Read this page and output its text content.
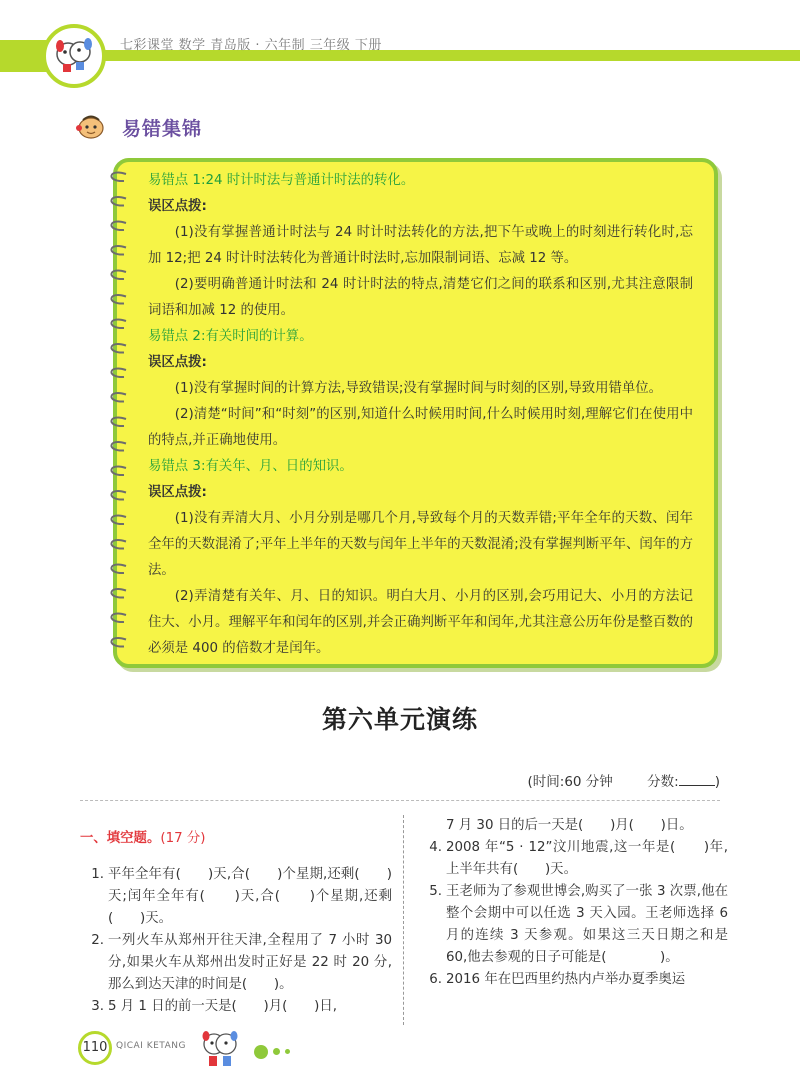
七彩课堂 数学 青岛版 · 六年制 三年级 下册
易错集锦

易错点 1:24 时计时法与普通计时法的转化。

误区点拨:

(1)没有掌握普通计时法与 24 时计时法转化的方法,把下午或晚上的时刻进行转化时,忘加 12;把 24 时计时法转化为普通计时法时,忘加限制词语、忘减 12 等。

(2)要明确普通计时法和 24 时计时法的特点,清楚它们之间的联系和区别,尤其注意限制词语和加减 12 的使用。

易错点 2:有关时间的计算。

误区点拨:

(1)没有掌握时间的计算方法,导致错误;没有掌握时间与时刻的区别,导致用错单位。

(2)清楚“时间”和“时刻”的区别,知道什么时候用时间,什么时候用时刻,理解它们在使用中的特点,并正确地使用。

易错点 3:有关年、月、日的知识。

误区点拨:

(1)没有弄清大月、小月分别是哪几个月,导致每个月的天数弄错;平年全年的天数、闰年全年的天数混淆了;平年上半年的天数与闰年上半年的天数混淆;没有掌握判断平年、闰年的方法。

(2)弄清楚有关年、月、日的知识。明白大月、小月的区别,会巧用记大、小月的方法记住大、小月。理解平年和闰年的区别,并会正确判断平年和闰年,尤其注意公历年份是整百数的必须是 400 的倍数才是闰年。

第六单元演练
(时间:60 分钟	分数:	)

一、填空题。(17 分)

1. 平年全年有(　　)天,合(　　)个星期,还剩(　　)天;闰年全年有(　　)天,合(　　)个星期,还剩(　　)天。
2. 一列火车从郑州开往天津,全程用了 7 小时 30 分,如果火车从郑州出发时正好是 22 时 20 分,那么到达天津的时间是(　　)。
3. 5 月 1 日的前一天是(　　)月(　　)日,

7 月 30 日的后一天是(　　)月(　　)日。

4. 2008 年“5 · 12”汶川地震,这一年是(　　)年,上半年共有(　　)天。
5. 王老师为了参观世博会,购买了一张 3 次票,他在整个会期中可以任选 3 天入园。王老师选择 6 月的连续 3 天参观。如果这三天日期之和是 60,他去参观的日子可能是(　　　　)。
6. 2016 年在巴西里约热内卢举办夏季奥运
110 QICAI KETANG
